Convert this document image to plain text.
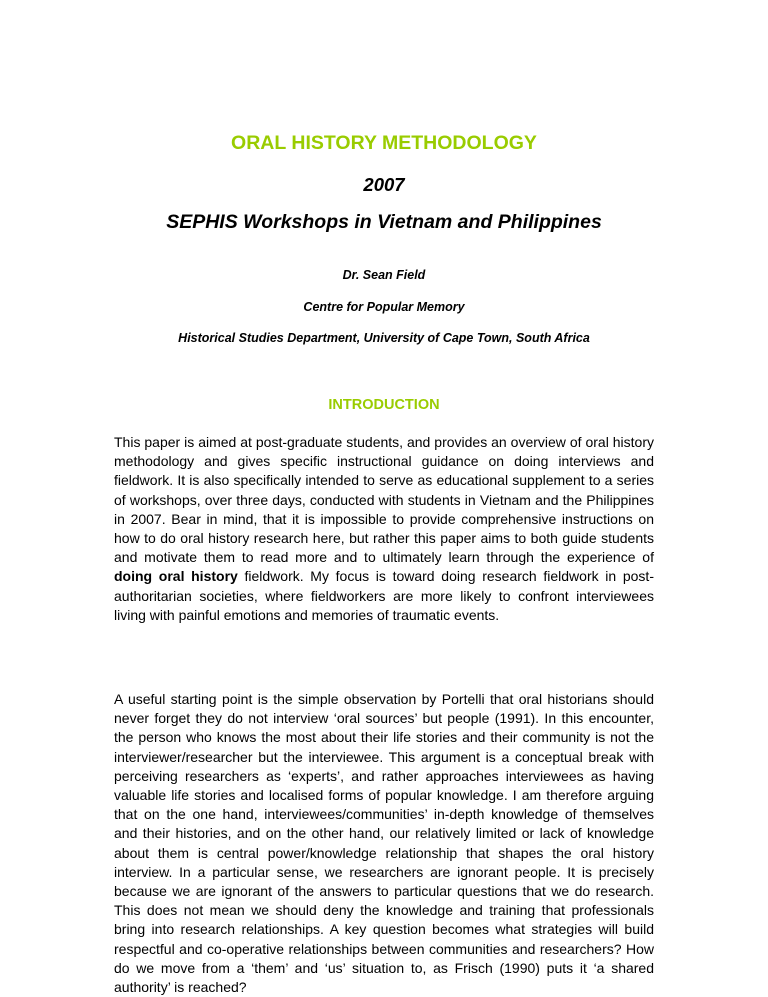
ORAL HISTORY METHODOLOGY
2007
SEPHIS Workshops in Vietnam and Philippines
Dr. Sean Field
Centre for Popular Memory
Historical Studies Department, University of Cape Town, South Africa
INTRODUCTION

This paper is aimed at post-graduate students, and provides an overview of oral history methodology and gives specific instructional guidance on doing interviews and fieldwork. It is also specifically intended to serve as educational supplement to a series of workshops, over three days, conducted with students in Vietnam and the Philippines in 2007. Bear in mind, that it is impossible to provide comprehensive instructions on how to do oral history research here, but rather this paper aims to both guide students and motivate them to read more and to ultimately learn through the experience of doing oral history fieldwork. My focus is toward doing research fieldwork in post-authoritarian societies, where fieldworkers are more likely to confront interviewees living with painful emotions and memories of traumatic events.

A useful starting point is the simple observation by Portelli that oral historians should never forget they do not interview ‘oral sources’ but people (1991). In this encounter, the person who knows the most about their life stories and their community is not the interviewer/researcher but the interviewee. This argument is a conceptual break with perceiving researchers as ‘experts’, and rather approaches interviewees as having valuable life stories and localised forms of popular knowledge. I am therefore arguing that on the one hand, interviewees/communities’ in-depth knowledge of themselves and their histories, and on the other hand, our relatively limited or lack of knowledge about them is central power/knowledge relationship that shapes the oral history interview. In a particular sense, we researchers are ignorant people. It is precisely because we are ignorant of the answers to particular questions that we do research. This does not mean we should deny the knowledge and training that professionals bring into research relationships. A key question becomes what strategies will build respectful and co-operative relationships between communities and researchers? How do we move from a ‘them’ and ‘us’ situation to, as Frisch (1990) puts it ‘a shared authority’ is reached?
